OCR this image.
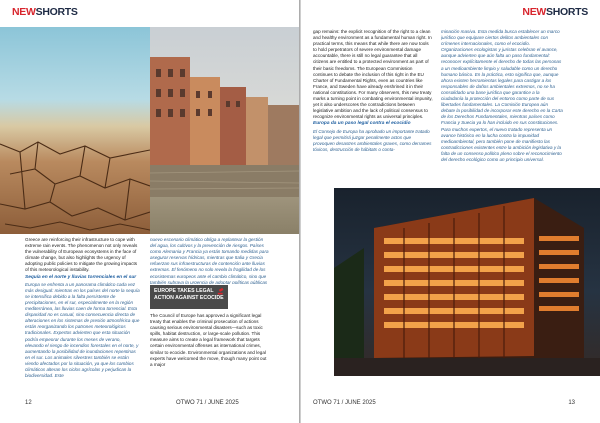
NEWSHORTS

Greece are reinforcing their infrastructure to cope with extreme rain events. The phenomenon not only reveals the vulnerability of European ecosystems in the face of climate change, but also highlights the urgency of adopting public policies to mitigate the growing impacts of this meteorological instability.

Sequía en el norte y lluvias torrenciales en el sur

Europa se enfrenta a un panorama climático cada vez más desigual: mientras en los países del norte la sequía se intensifica debido a la falta persistente de precipitaciones, en el sur, especialmente en la región mediterránea, las lluvias caen de forma torrencial. Esta disparidad no es casual, sino consecuencia directa de alteraciones en los sistemas de presión atmosférica que están reorganizando los patrones meteorológicos tradicionales. Expertos advierten que esta situación podría empeorar durante los meses de verano, elevando el riesgo de incendios forestales en el norte, y aumentando la posibilidad de inundaciones repentinas en el sur. Los animales silvestres también se están viendo afectados por la situación, ya que los cambios climáticos alteran los ciclos agrícolas y perjudican la biodiversidad. Este

nuevo escenario climático obliga a replantear la gestión del agua, los cultivos y la prevención de riesgos. Países como Alemania y Francia ya están tomando medidas para asegurar reservas hídricas, mientras que Italia y Grecia refuerzan sus infraestructuras de contención ante lluvias extremas. El fenómeno no solo revela la fragilidad de los ecosistemas europeos ante el cambio climático, sino que también subraya la urgencia de adoptar políticas públicas

EUROPE TAKES LEGAL ACTION AGAINST ECOCIDE

The Council of Europe has approved a significant legal treaty that enables the criminal prosecution of actions causing serious environmental disasters—such as toxic spills, habitat destruction, or large-scale pollution. This measure aims to create a legal framework that targets certain environmental offenses as international crimes, similar to ecocide. Environmental organizations and legal experts have welcomed the move, though many point out a major

12	OTWO 71 / JUNE 2025
NEWSHORTS

gap remains: the explicit recognition of the right to a clean and healthy environment as a fundamental human right. In practical terms, this means that while there are now tools to hold perpetrators of severe environmental damage accountable, there is still no legal guarantee that all citizens are entitled to a protected environment as part of their basic freedoms. The European Commission continues to debate the inclusion of this right in the EU Charter of Fundamental Rights, even as countries like France, and Sweden have already enshrined it in their national constitutions. For many observers, this new treaty marks a turning point in combating environmental impunity, yet it also underscores the contradictions between legislative ambition and the lack of political consensus to recognize environmental rights as universal principles.

Europa da un paso legal contra el ecocidio

El Consejo de Europa ha aprobado un importante tratado legal que permitirá juzgar penalmente actos que provoquen desastres ambientales graves, como derrames tóxicos, destrucción de hábitats o conta-

minación masiva. Esta medida busca establecer un marco jurídico que equipare ciertos delitos ambientales con crímenes internacionales, como el ecocidio. Organizaciones ecologistas y juristas celebran el avance, aunque advierten que aún falta un paso fundamental: reconocer explícitamente el derecho de todas las personas a un medioambiente limpio y saludable como un derecho humano básico. En la práctica, esto significa que, aunque ahora existen herramientas legales para castigar a los responsables de daños ambientales extremos, no se ha consolidado una base jurídica que garantice a la ciudadanía la protección del entorno como parte de sus libertades fundamentales. La Comisión Europea aún debate la posibilidad de incorporar este derecho en la Carta de los Derechos Fundamentales, mientras países como Francia y Suecia ya lo han incluido en sus constituciones. Para muchos expertos, el nuevo tratado representa un avance histórico en la lucha contra la impunidad medioambiental, pero también pone de manifiesto las contradicciones existentes entre la ambición legislativa y la falta de un consenso político pleno sobre el reconocimiento del derecho ecológico como un principio universal.

OTWO 71 / JUNE 2025	13
